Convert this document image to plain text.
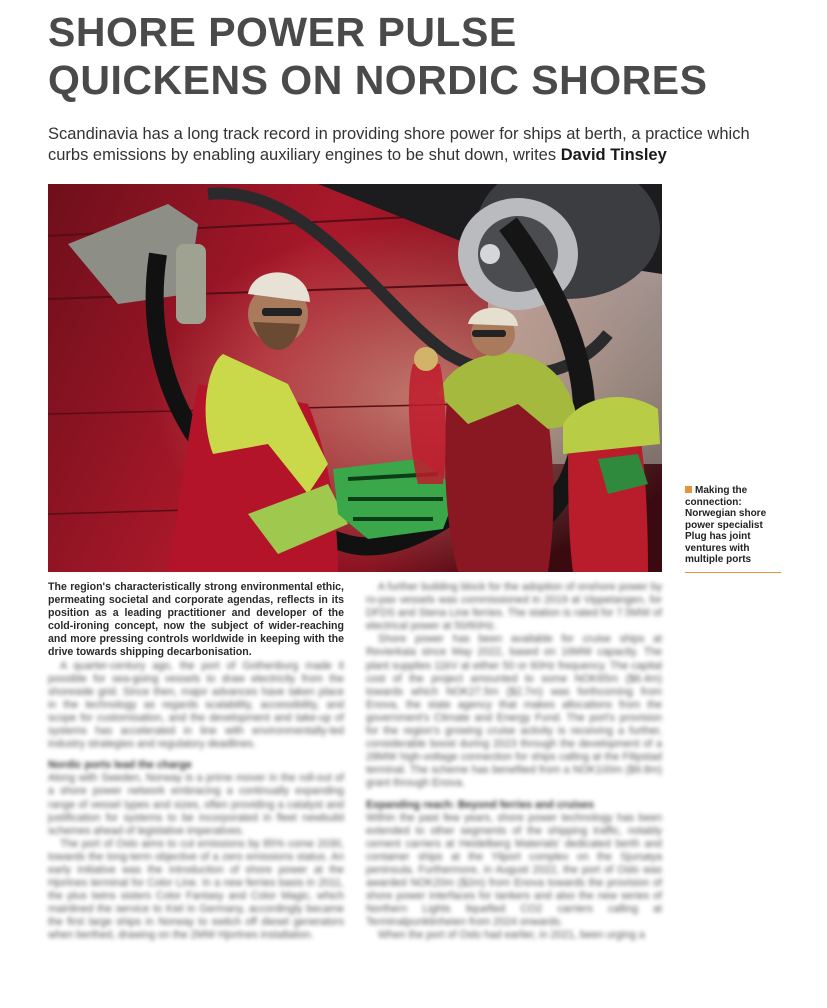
SHORE POWER PULSE
QUICKENS ON NORDIC SHORES

Scandinavia has a long track record in providing shore power for ships at berth, a practice which curbs emissions by enabling auxiliary engines to be shut down, writes David Tinsley

Making the connection: Norwegian shore power specialist Plug has joint ventures with multiple ports

The region's characteristically strong environmental ethic, permeating societal and corporate agendas, reflects in its position as a leading practitioner and developer of the cold-ironing concept, now the subject of wider-reaching and more pressing controls worldwide in keeping with the drive towards shipping decarbonisation.

A quarter-century ago, the port of Gothenburg made it possible for sea-going vessels to draw electricity from the shoreside grid. Since then, major advances have taken place in the technology as regards scalability, accessibility, and scope for customisation, and the development and take-up of systems has accelerated in line with environmentally-led industry strategies and regulatory deadlines.

Nordic ports lead the charge

Along with Sweden, Norway is a prime mover in the roll-out of a shore power network embracing a continually expanding range of vessel types and sizes, often providing a catalyst and justification for systems to be incorporated in fleet newbuild schemes ahead of legislative imperatives.

The port of Oslo aims to cut emissions by 85% come 2030, towards the long-term objective of a zero emissions status. An early initiative was the introduction of shore power at the Hjortnes terminal for Color Line. In a new ferries basis in 2011, the plus twins sisters Color Fantasy and Color Magic, which mainlined the service to Kiel in Germany, accordingly became the first large ships in Norway to switch off diesel generators when berthed, drawing on the 2MW Hjortnes installation.

A further building block for the adoption of onshore power by ro-pax vessels was commissioned in 2019 at Vippetangen, for DFDS and Stena Line ferries. The station is rated for 7.5MW of electrical power at 50/60Hz.

Shore power has been available for cruise ships at Revierkaia since May 2022, based on 16MW capacity. The plant supplies 11kV at either 50 or 60Hz frequency. The capital cost of the project amounted to some NOK65m ($6.4m) towards which NOK27.5m ($2.7m) was forthcoming from Enova, the state agency that makes allocations from the government's Climate and Energy Fund. The port's provision for the region's growing cruise activity is receiving a further, considerable boost during 2023 through the development of a 28MW high-voltage connection for ships calling at the Filipstad terminal. The scheme has benefited from a NOK100m ($9.8m) grant through Enova.

Expanding reach: Beyond ferries and cruises

Within the past few years, shore power technology has been extended to other segments of the shipping traffic, notably cement carriers at Heidelberg Materials' dedicated berth and container ships at the Yilport complex on the Sjursøya peninsula. Furthermore, in August 2022, the port of Oslo was awarded NOK20m ($2m) from Enova towards the provision of shore power interfaces for tankers and also the new series of Northern Lights liquefied CO2 carriers calling at Terminalpunktinheien from 2024 onwards.

When the port of Oslo had earlier, in 2021, been urging a
